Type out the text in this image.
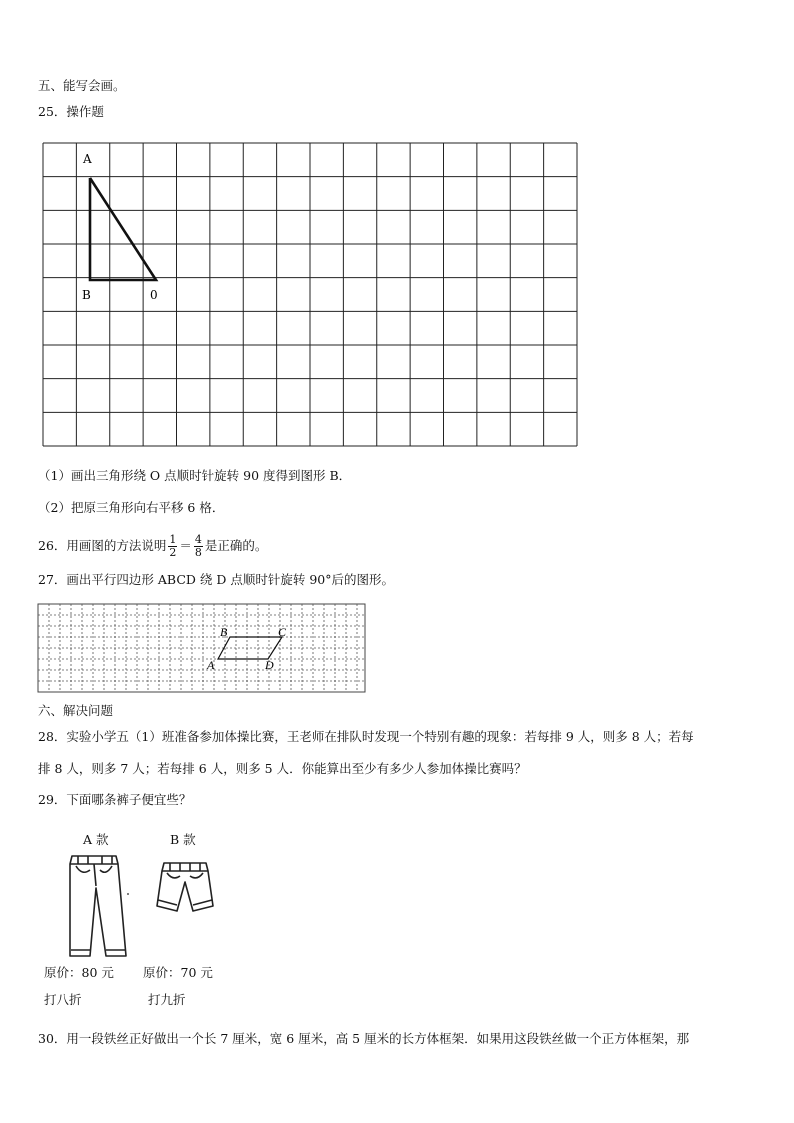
五、能写会画。
25．操作题
A
B	0
（1）画出三角形绕 O 点顺时针旋转 90 度得到图形 B．
（2）把原三角形向右平移 6 格．
26．用画图的方法说明 $\frac{1}{2} = \frac{4}{8}$ 是正确的。
27．画出平行四边形 ABCD 绕 D 点顺时针旋转 90°后的图形。
B	C
A	D
六、解决问题
28．实验小学五（1）班准备参加体操比赛，王老师在排队时发现一个特别有趣的现象：若每排 9 人，则多 8 人；若每
排 8 人，则多 7 人；若每排 6 人，则多 5 人．你能算出至少有多少人参加体操比赛吗？
29．下面哪条裤子便宜些？
A 款	B 款
原价：80 元 原价：70 元
打八折	打九折
30．用一段铁丝正好做出一个长 7 厘米，宽 6 厘米，高 5 厘米的长方体框架．如果用这段铁丝做一个正方体框架，那
